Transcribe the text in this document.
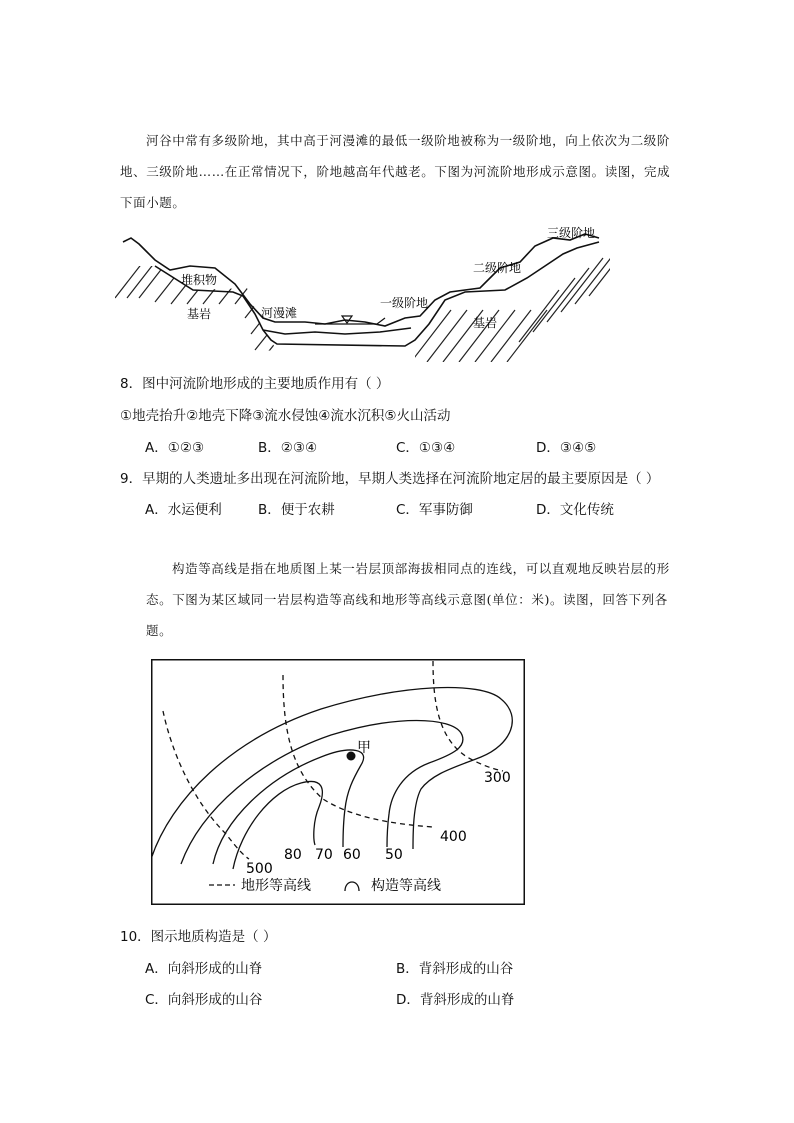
河谷中常有多级阶地，其中高于河漫滩的最低一级阶地被称为一级阶地，向上依次为二级阶地、三级阶地……在正常情况下，阶地越高年代越老。下图为河流阶地形成示意图。读图，完成下面小题。
三级阶地
二级阶地
一级阶地
堆积物
河漫滩
基岩
基岩
8．图中河流阶地形成的主要地质作用有（ ）
①地壳抬升②地壳下降③流水侵蚀④流水沉积⑤火山活动
A．①②③	B．②③④	C．①③④	D．③④⑤
9．早期的人类遗址多出现在河流阶地，早期人类选择在河流阶地定居的最主要原因是（ ）
A．水运便利	B．便于农耕	C．军事防御	D．文化传统
构造等高线是指在地质图上某一岩层顶部海拔相同点的连线，可以直观地反映岩层的形态。下图为某区域同一岩层构造等高线和地形等高线示意图(单位：米)。读图，回答下列各题。
甲
300
400
500
80 70 60 50
地形等高线	构造等高线
10．图示地质构造是（ ）
A．向斜形成的山脊	B．背斜形成的山谷
C．向斜形成的山谷	D．背斜形成的山脊
